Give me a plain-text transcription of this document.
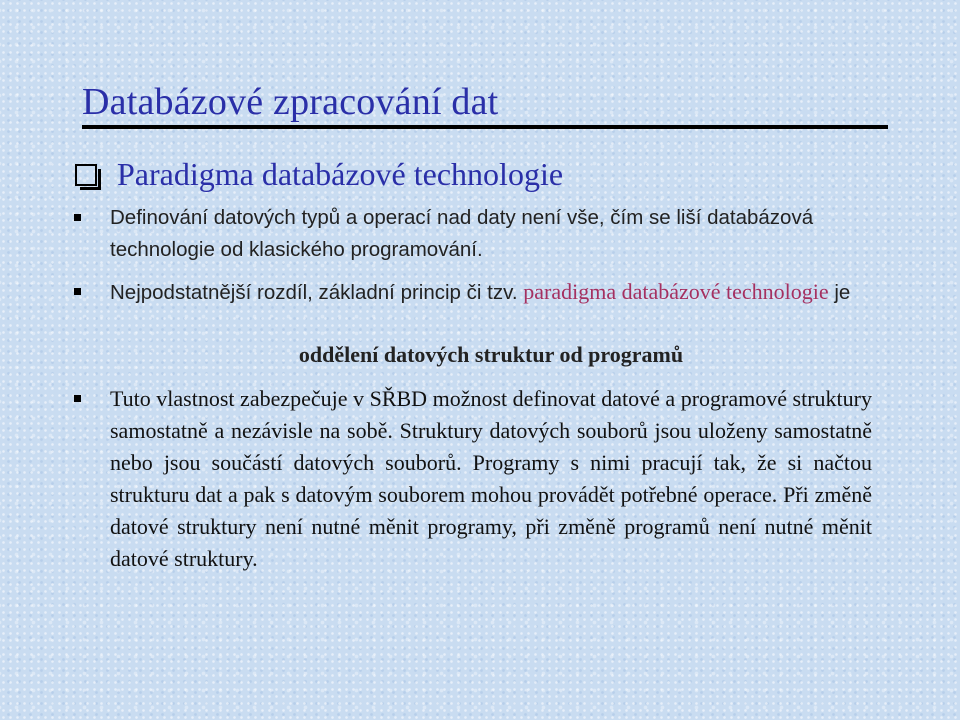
Databázové zpracování dat
Paradigma databázové technologie
Definování datových typů a operací nad daty není vše, čím se liší databázová technologie od klasického programování.
Nejpodstatnější rozdíl, základní princip či tzv. paradigma databázové technologie je
oddělení datových struktur od programů
Tuto vlastnost zabezpečuje v SŘBD možnost definovat datové a programové struktury samostatně a nezávisle na sobě. Struktury datových souborů jsou uloženy samostatně nebo jsou součástí datových souborů. Programy s nimi pracují tak, že si načtou strukturu dat a pak s datovým souborem mohou provádět potřebné operace. Při změně datové struktury není nutné měnit programy, při změně programů není nutné měnit datové struktury.
